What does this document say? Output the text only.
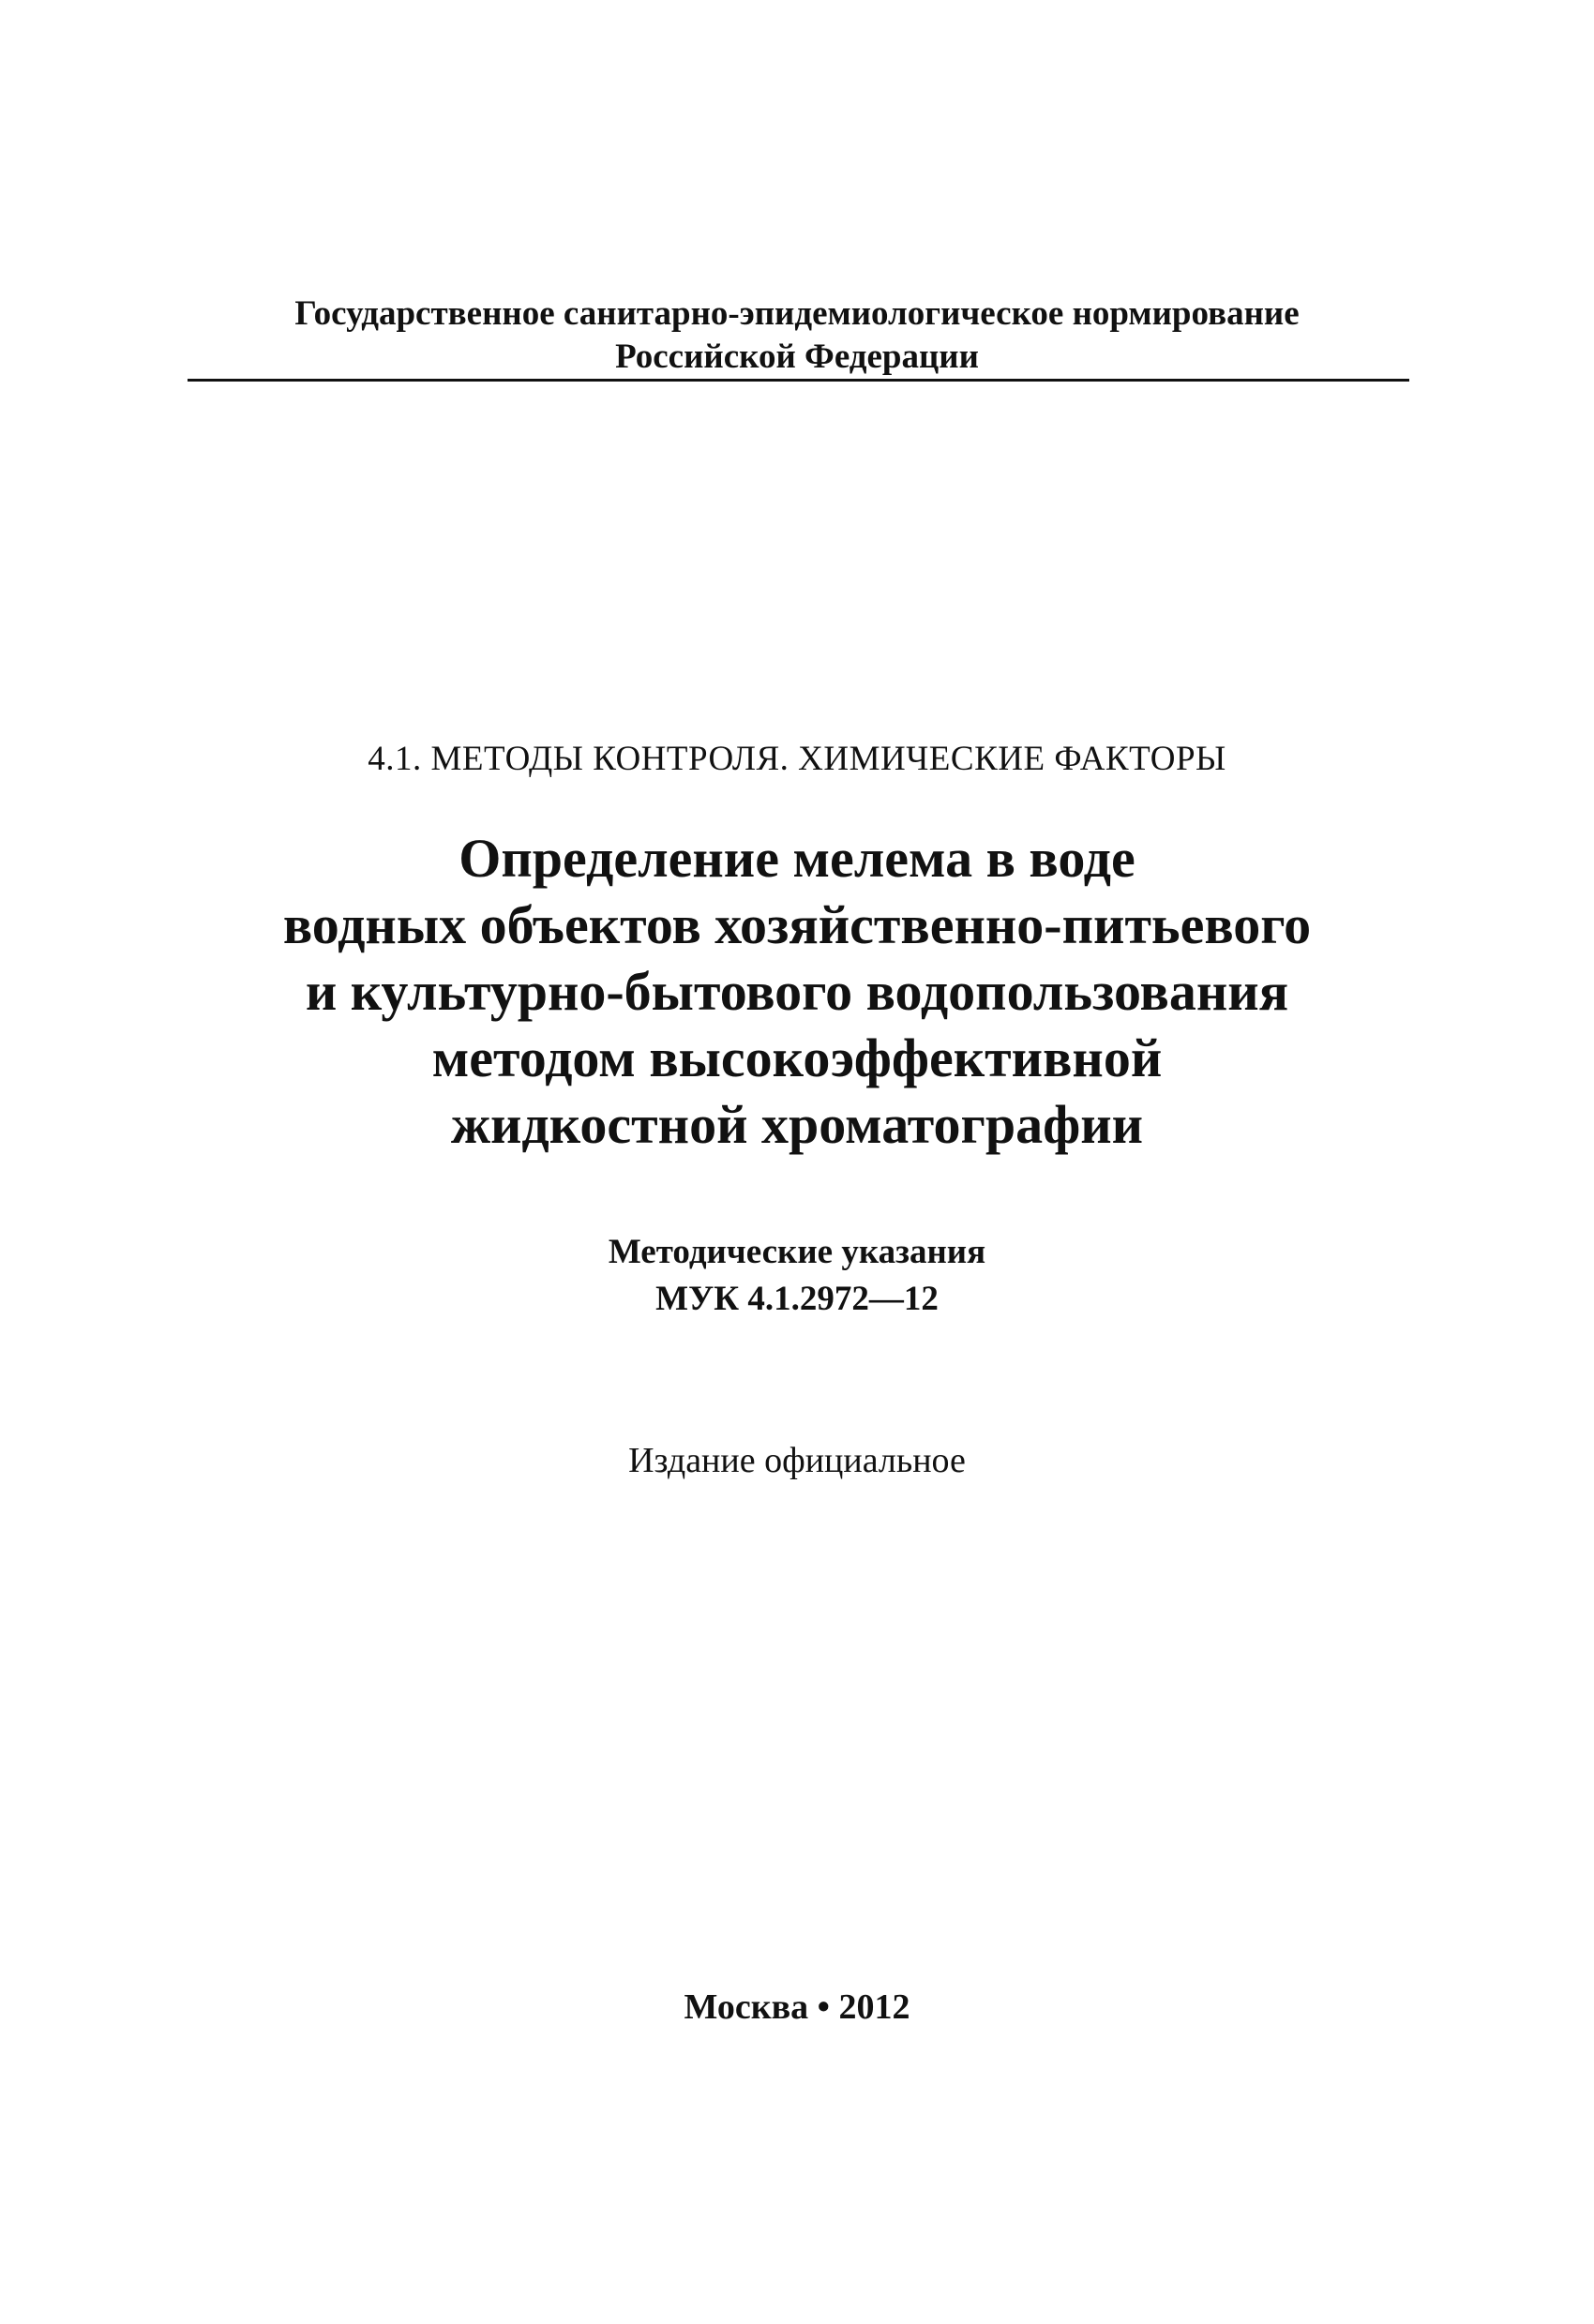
Государственное санитарно-эпидемиологическое нормирование
Российской Федерации
4.1. МЕТОДЫ КОНТРОЛЯ. ХИМИЧЕСКИЕ ФАКТОРЫ
Определение мелема в воде
водных объектов хозяйственно-питьевого
и культурно-бытового водопользования
методом высокоэффективной
жидкостной хроматографии
Методические указания
МУК 4.1.2972—12
Издание официальное
Москва • 2012
